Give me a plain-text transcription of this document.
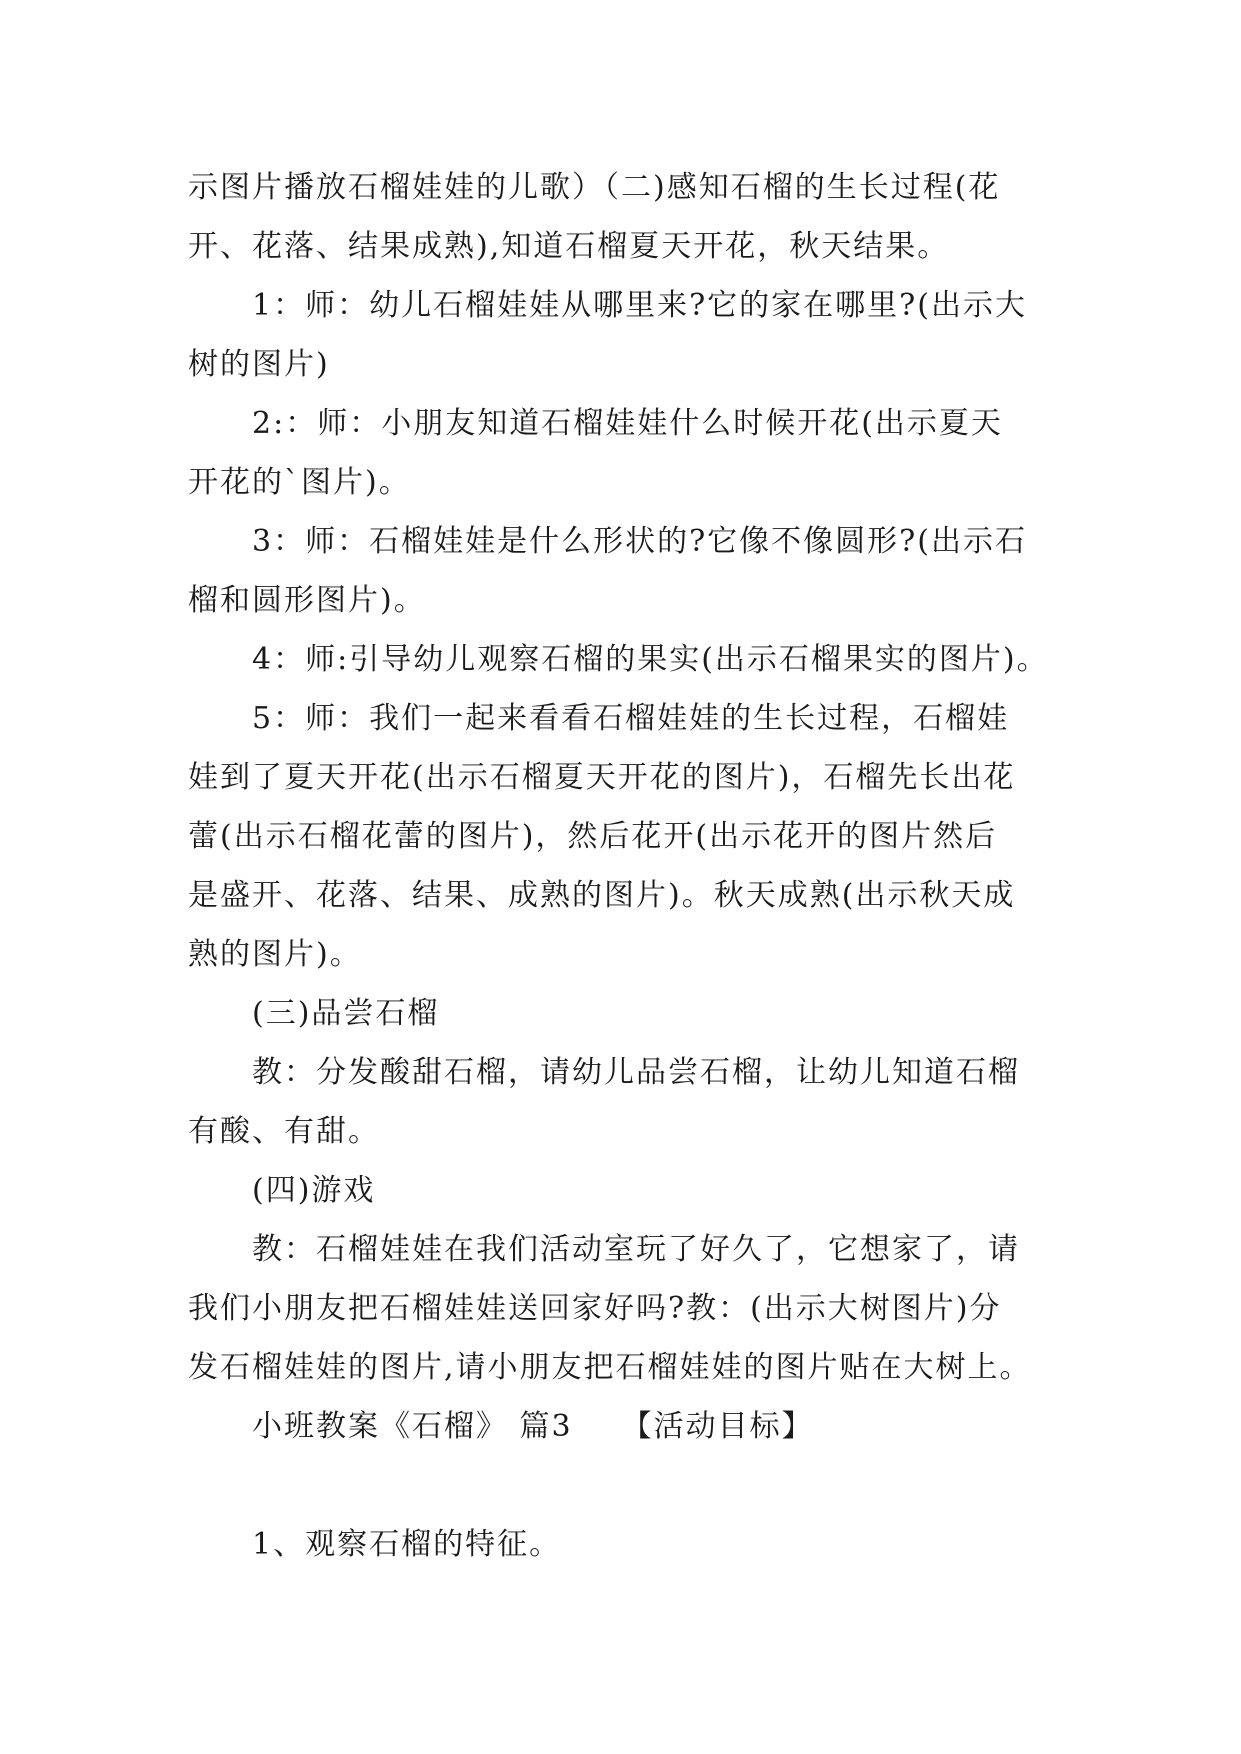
示图片播放石榴娃娃的儿歌）（二)感知石榴的生长过程(花
开、花落、结果成熟),知道石榴夏天开花，秋天结果。
1：师：幼儿石榴娃娃从哪里来?它的家在哪里?(出示大
树的图片)
2:：师：小朋友知道石榴娃娃什么时候开花(出示夏天
开花的`图片)。
3：师：石榴娃娃是什么形状的?它像不像圆形?(出示石
榴和圆形图片)。
4：师:引导幼儿观察石榴的果实(出示石榴果实的图片)。
5：师：我们一起来看看石榴娃娃的生长过程，石榴娃
娃到了夏天开花(出示石榴夏天开花的图片)，石榴先长出花
蕾(出示石榴花蕾的图片)，然后花开(出示花开的图片然后
是盛开、花落、结果、成熟的图片)。秋天成熟(出示秋天成
熟的图片)。
(三)品尝石榴
教：分发酸甜石榴，请幼儿品尝石榴，让幼儿知道石榴
有酸、有甜。
(四)游戏
教：石榴娃娃在我们活动室玩了好久了，它想家了，请
我们小朋友把石榴娃娃送回家好吗?教：(出示大树图片)分
发石榴娃娃的图片,请小朋友把石榴娃娃的图片贴在大树上。
小班教案《石榴》 篇3　　【活动目标】
1、观察石榴的特征。
